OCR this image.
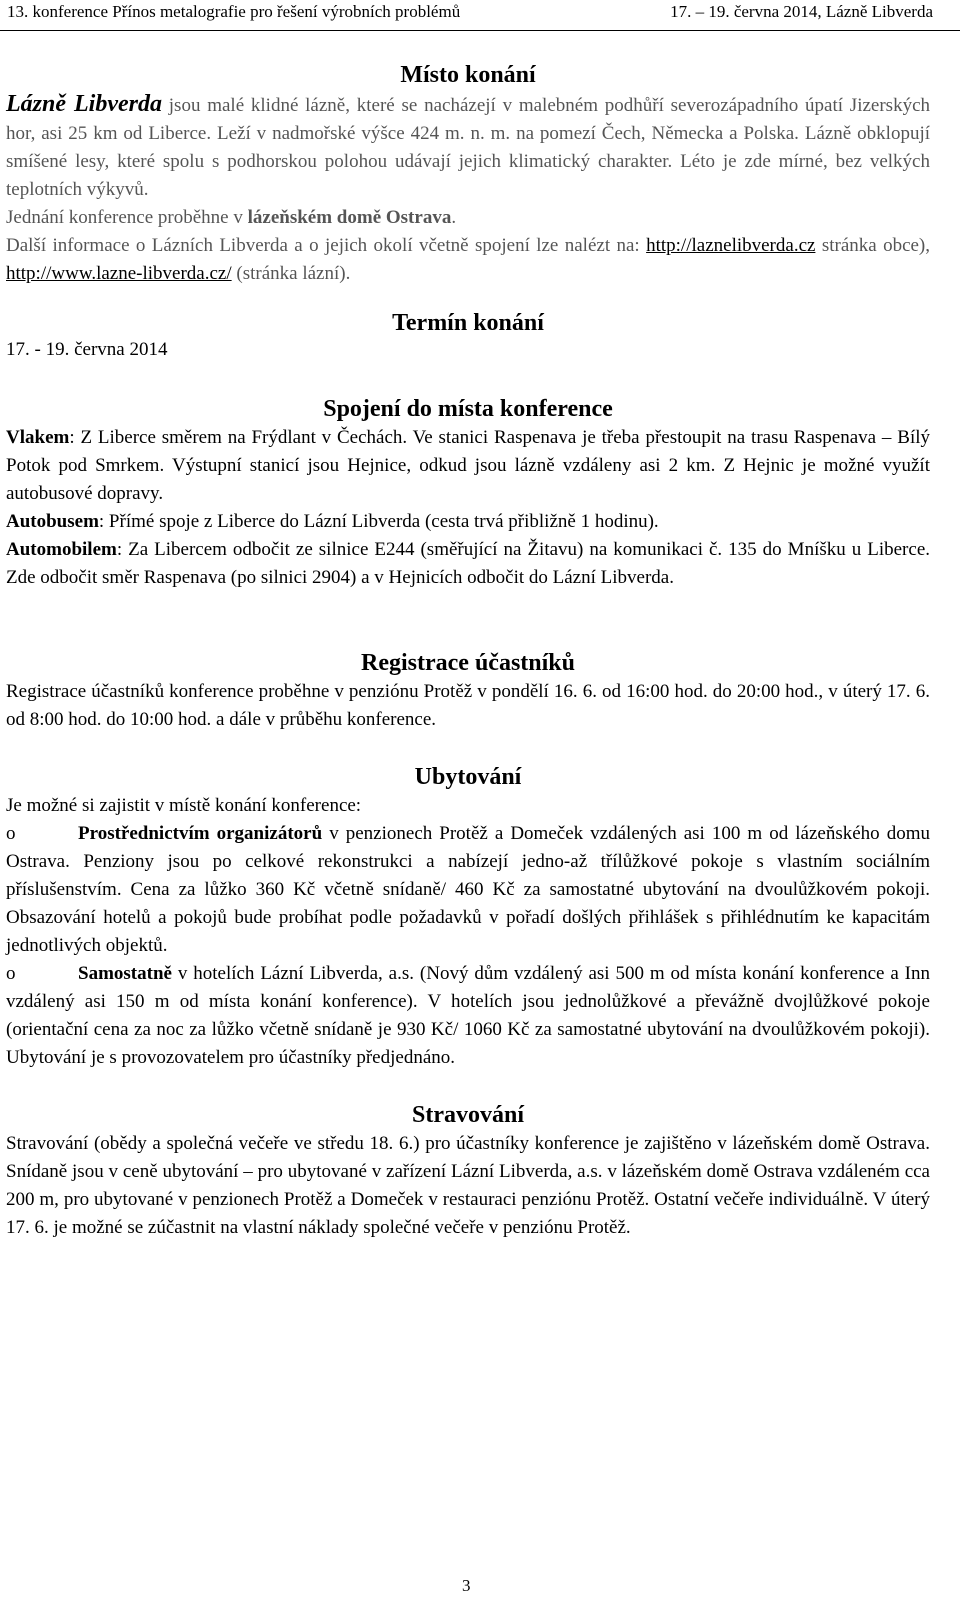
13. konference Přínos metalografie pro řešení výrobních problémů	17. – 19. června 2014, Lázně Libverda
Místo konání

Lázně Libverda jsou malé klidné lázně, které se nacházejí v malebném podhůří severozápadního úpatí Jizerských hor, asi 25 km od Liberce. Leží v nadmořské výšce 424 m. n. m. na pomezí Čech, Německa a Polska. Lázně obklopují smíšené lesy, které spolu s podhorskou polohou udávají jejich klimatický charakter. Léto je zde mírné, bez velkých teplotních výkyvů.

Jednání konference proběhne v lázeňském domě Ostrava.

Další informace o Lázních Libverda a o jejich okolí včetně spojení lze nalézt na: http://laznelibverda.cz stránka obce), http://www.lazne-libverda.cz/ (stránka lázní).

Termín konání

17. - 19. června 2014

Spojení do místa konference

Vlakem: Z Liberce směrem na Frýdlant v Čechách. Ve stanici Raspenava je třeba přestoupit na trasu Raspenava – Bílý Potok pod Smrkem. Výstupní stanicí jsou Hejnice, odkud jsou lázně vzdáleny asi 2 km. Z Hejnic je možné využít autobusové dopravy.

Autobusem: Přímé spoje z Liberce do Lázní Libverda (cesta trvá přibližně 1 hodinu).

Automobilem: Za Libercem odbočit ze silnice E244 (směřující na Žitavu) na komunikaci č. 135 do Mníšku u Liberce. Zde odbočit směr Raspenava (po silnici 2904) a v Hejnicích odbočit do Lázní Libverda.

Registrace účastníků

Registrace účastníků konference proběhne v penziónu Protěž v pondělí 16. 6. od 16:00 hod. do 20:00 hod., v úterý 17. 6. od 8:00 hod. do 10:00 hod. a dále v průběhu konference.

Ubytování

Je možné si zajistit v místě konání konference:

o	Prostřednictvím organizátorů v penzionech Protěž a Domeček vzdálených asi 100 m od lázeňského domu Ostrava. Penziony jsou po celkové rekonstrukci a nabízejí jedno-až třílůžkové pokoje s vlastním sociálním příslušenstvím. Cena za lůžko 360 Kč včetně snídaně/ 460 Kč za samostatné ubytování na dvoulůžkovém pokoji. Obsazování hotelů a pokojů bude probíhat podle požadavků v pořadí došlých přihlášek s přihlédnutím ke kapacitám jednotlivých objektů.

o	Samostatně v hotelích Lázní Libverda, a.s. (Nový dům vzdálený asi 500 m od místa konání konference a Inn vzdálený asi 150 m od místa konání konference). V hotelích jsou jednolůžkové a převážně dvojlůžkové pokoje (orientační cena za noc za lůžko včetně snídaně je 930 Kč/ 1060 Kč za samostatné ubytování na dvoulůžkovém pokoji). Ubytování je s provozovatelem pro účastníky předjednáno.

Stravování

Stravování (obědy a společná večeře ve středu 18. 6.) pro účastníky konference je zajištěno v lázeňském domě Ostrava. Snídaně jsou v ceně ubytování – pro ubytované v zařízení Lázní Libverda, a.s. v lázeňském domě Ostrava vzdáleném cca 200 m, pro ubytované v penzionech Protěž a Domeček v restauraci penziónu Protěž. Ostatní večeře individuálně. V úterý 17. 6. je možné se zúčastnit na vlastní náklady společné večeře v penziónu Protěž.

3
